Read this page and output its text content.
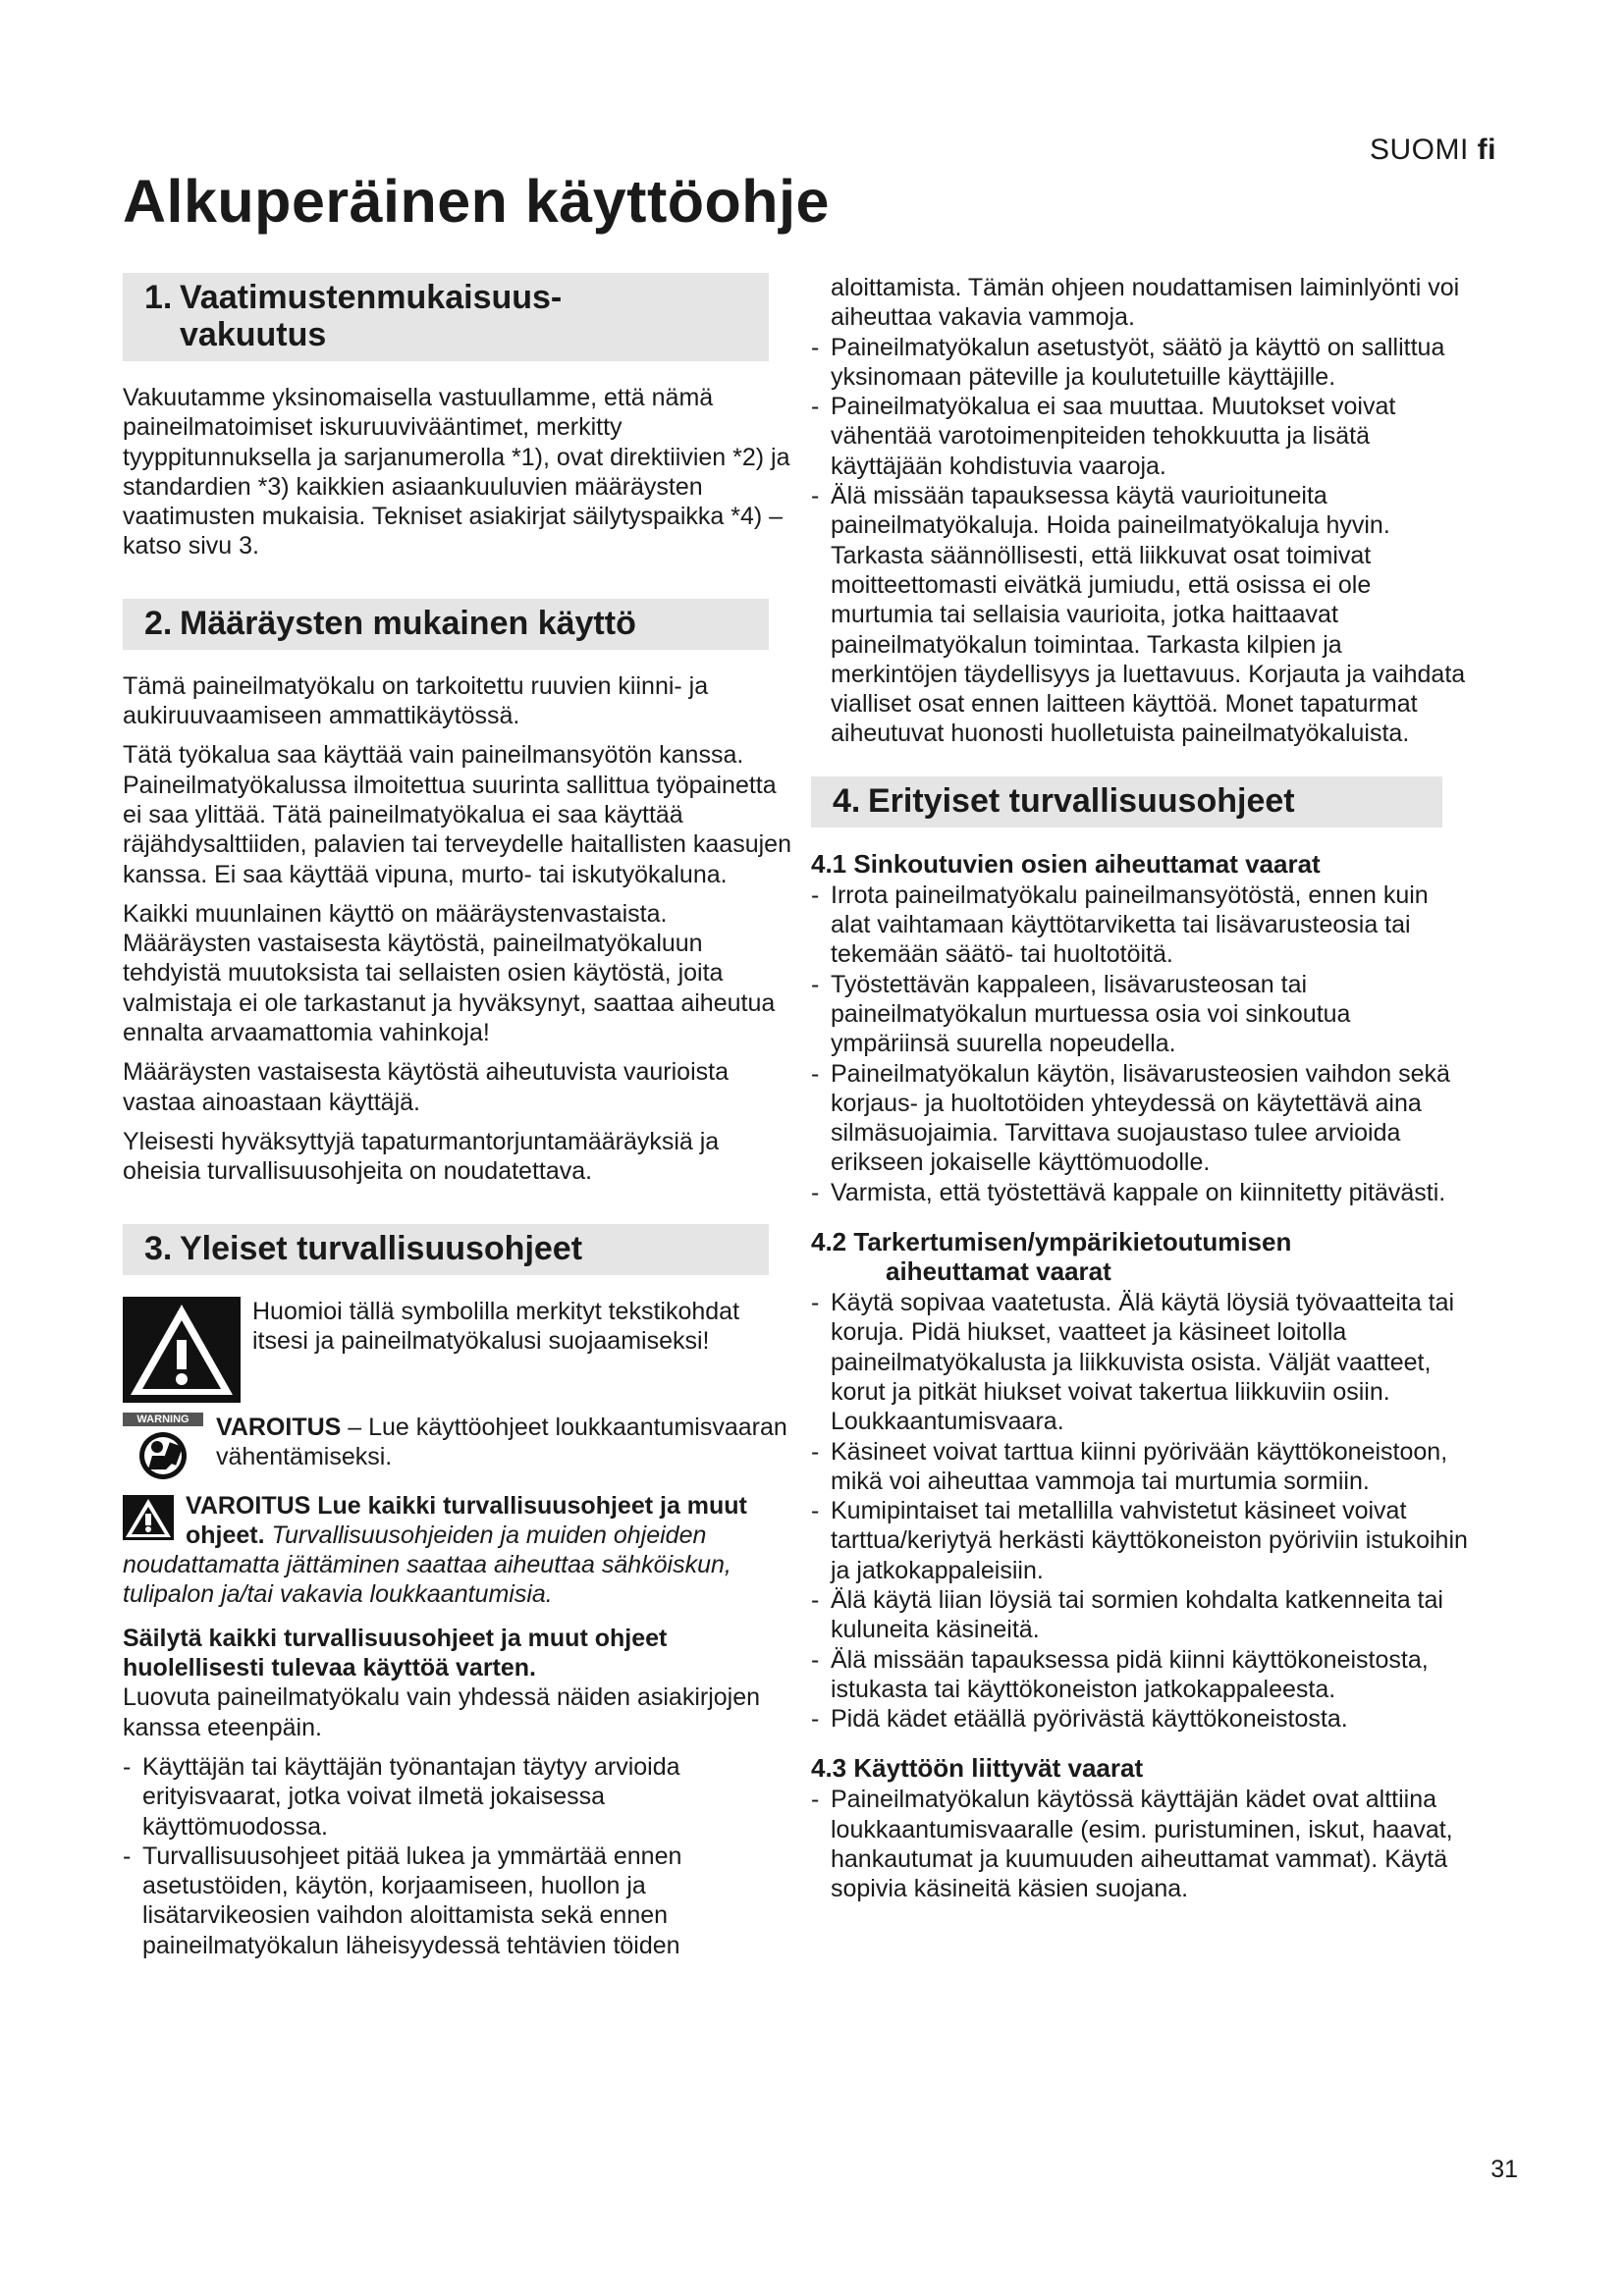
SUOMI fi
Alkuperäinen käyttöohje
1. Vaatimustenmukaisuus-
vakuutus

Vakuutamme yksinomaisella vastuullamme, että nämä paineilmatoimiset iskuruuvivääntimet, merkitty tyyppitunnuksella ja sarjanumerolla *1), ovat direktiivien *2) ja standardien *3) kaikkien asiaankuuluvien määräysten vaatimusten mukaisia. Tekniset asiakirjat säilytyspaikka *4) – katso sivu 3.

2. Määräysten mukainen käyttö

Tämä paineilmatyökalu on tarkoitettu ruuvien kiinni- ja aukiruuvaamiseen ammattikäytössä.

Tätä työkalua saa käyttää vain paineilmansyötön kanssa. Paineilmatyökalussa ilmoitettua suurinta sallittua työpainetta ei saa ylittää. Tätä paineilmatyökalua ei saa käyttää räjähdysalttiiden, palavien tai terveydelle haitallisten kaasujen kanssa. Ei saa käyttää vipuna, murto- tai iskutyökaluna.

Kaikki muunlainen käyttö on määräystenvastaista. Määräysten vastaisesta käytöstä, paineilmatyökaluun tehdyistä muutoksista tai sellaisten osien käytöstä, joita valmistaja ei ole tarkastanut ja hyväksynyt, saattaa aiheutua ennalta arvaamattomia vahinkoja!

Määräysten vastaisesta käytöstä aiheutuvista vaurioista vastaa ainoastaan käyttäjä.

Yleisesti hyväksyttyjä tapaturmantorjuntamääräyksiä ja oheisia turvallisuusohjeita on noudatettava.

3. Yleiset turvallisuusohjeet
Huomioi tällä symbolilla merkityt tekstikohdat itsesi ja paineilmatyökalusi suojaamiseksi!
WARNING	VAROITUS – Lue käyttöohjeet loukkaantumisvaaran vähentämiseksi.

VAROITUS Lue kaikki turvallisuusohjeet ja muut ohjeet. Turvallisuusohjeiden ja muiden ohjeiden noudattamatta jättäminen saattaa aiheuttaa sähköiskun, tulipalon ja/tai vakavia loukkaantumisia.

Säilytä kaikki turvallisuusohjeet ja muut ohjeet huolellisesti tulevaa käyttöä varten.
Luovuta paineilmatyökalu vain yhdessä näiden asiakirjojen kanssa eteenpäin.

- Käyttäjän tai käyttäjän työnantajan täytyy arvioida erityisvaarat, jotka voivat ilmetä jokaisessa käyttömuodossa.
- Turvallisuusohjeet pitää lukea ja ymmärtää ennen asetustöiden, käytön, korjaamiseen, huollon ja lisätarvikeosien vaihdon aloittamista sekä ennen paineilmatyökalun läheisyydessä tehtävien töiden
aloittamista. Tämän ohjeen noudattamisen laiminlyönti voi aiheuttaa vakavia vammoja.
- Paineilmatyökalun asetustyöt, säätö ja käyttö on sallittua yksinomaan päteville ja koulutetuille käyttäjille.
- Paineilmatyökalua ei saa muuttaa. Muutokset voivat vähentää varotoimenpiteiden tehokkuutta ja lisätä käyttäjään kohdistuvia vaaroja.
- Älä missään tapauksessa käytä vaurioituneita paineilmatyökaluja. Hoida paineilmatyökaluja hyvin. Tarkasta säännöllisesti, että liikkuvat osat toimivat moitteettomasti eivätkä jumiudu, että osissa ei ole murtumia tai sellaisia vaurioita, jotka haittaavat paineilmatyökalun toimintaa. Tarkasta kilpien ja merkintöjen täydellisyys ja luettavuus. Korjauta ja vaihdata vialliset osat ennen laitteen käyttöä. Monet tapaturmat aiheutuvat huonosti huolletuista paineilmatyökaluista.
4. Erityiset turvallisuusohjeet
4.1 Sinkoutuvien osien aiheuttamat vaarat
- Irrota paineilmatyökalu paineilmansyötöstä, ennen kuin alat vaihtamaan käyttötarviketta tai lisävarusteosia tai tekemään säätö- tai huoltotöitä.
- Työstettävän kappaleen, lisävarusteosan tai paineilmatyökalun murtuessa osia voi sinkoutua ympäriinsä suurella nopeudella.
- Paineilmatyökalun käytön, lisävarusteosien vaihdon sekä korjaus- ja huoltotöiden yhteydessä on käytettävä aina silmäsuojaimia. Tarvittava suojaustaso tulee arvioida erikseen jokaiselle käyttömuodolle.
- Varmista, että työstettävä kappale on kiinnitetty pitävästi.
4.2 Tarkertumisen/ympärikietoutumisen
aiheuttamat vaarat
- Käytä sopivaa vaatetusta. Älä käytä löysiä työvaatteita tai koruja. Pidä hiukset, vaatteet ja käsineet loitolla paineilmatyökalusta ja liikkuvista osista. Väljät vaatteet, korut ja pitkät hiukset voivat takertua liikkuviin osiin. Loukkaantumisvaara.
- Käsineet voivat tarttua kiinni pyörivään käyttökoneistoon, mikä voi aiheuttaa vammoja tai murtumia sormiin.
- Kumipintaiset tai metallilla vahvistetut käsineet voivat tarttua/keriytyä herkästi käyttökoneiston pyöriviin istukoihin ja jatkokappaleisiin.
- Älä käytä liian löysiä tai sormien kohdalta katkenneita tai kuluneita käsineitä.
- Älä missään tapauksessa pidä kiinni käyttökoneistosta, istukasta tai käyttökoneiston jatkokappaleesta.
- Pidä kädet etäällä pyörivästä käyttökoneistosta.
4.3 Käyttöön liittyvät vaarat
- Paineilmatyökalun käytössä käyttäjän kädet ovat alttiina loukkaantumisvaaralle (esim. puristuminen, iskut, haavat, hankautumat ja kuumuuden aiheuttamat vammat). Käytä sopivia käsineitä käsien suojana.
31
